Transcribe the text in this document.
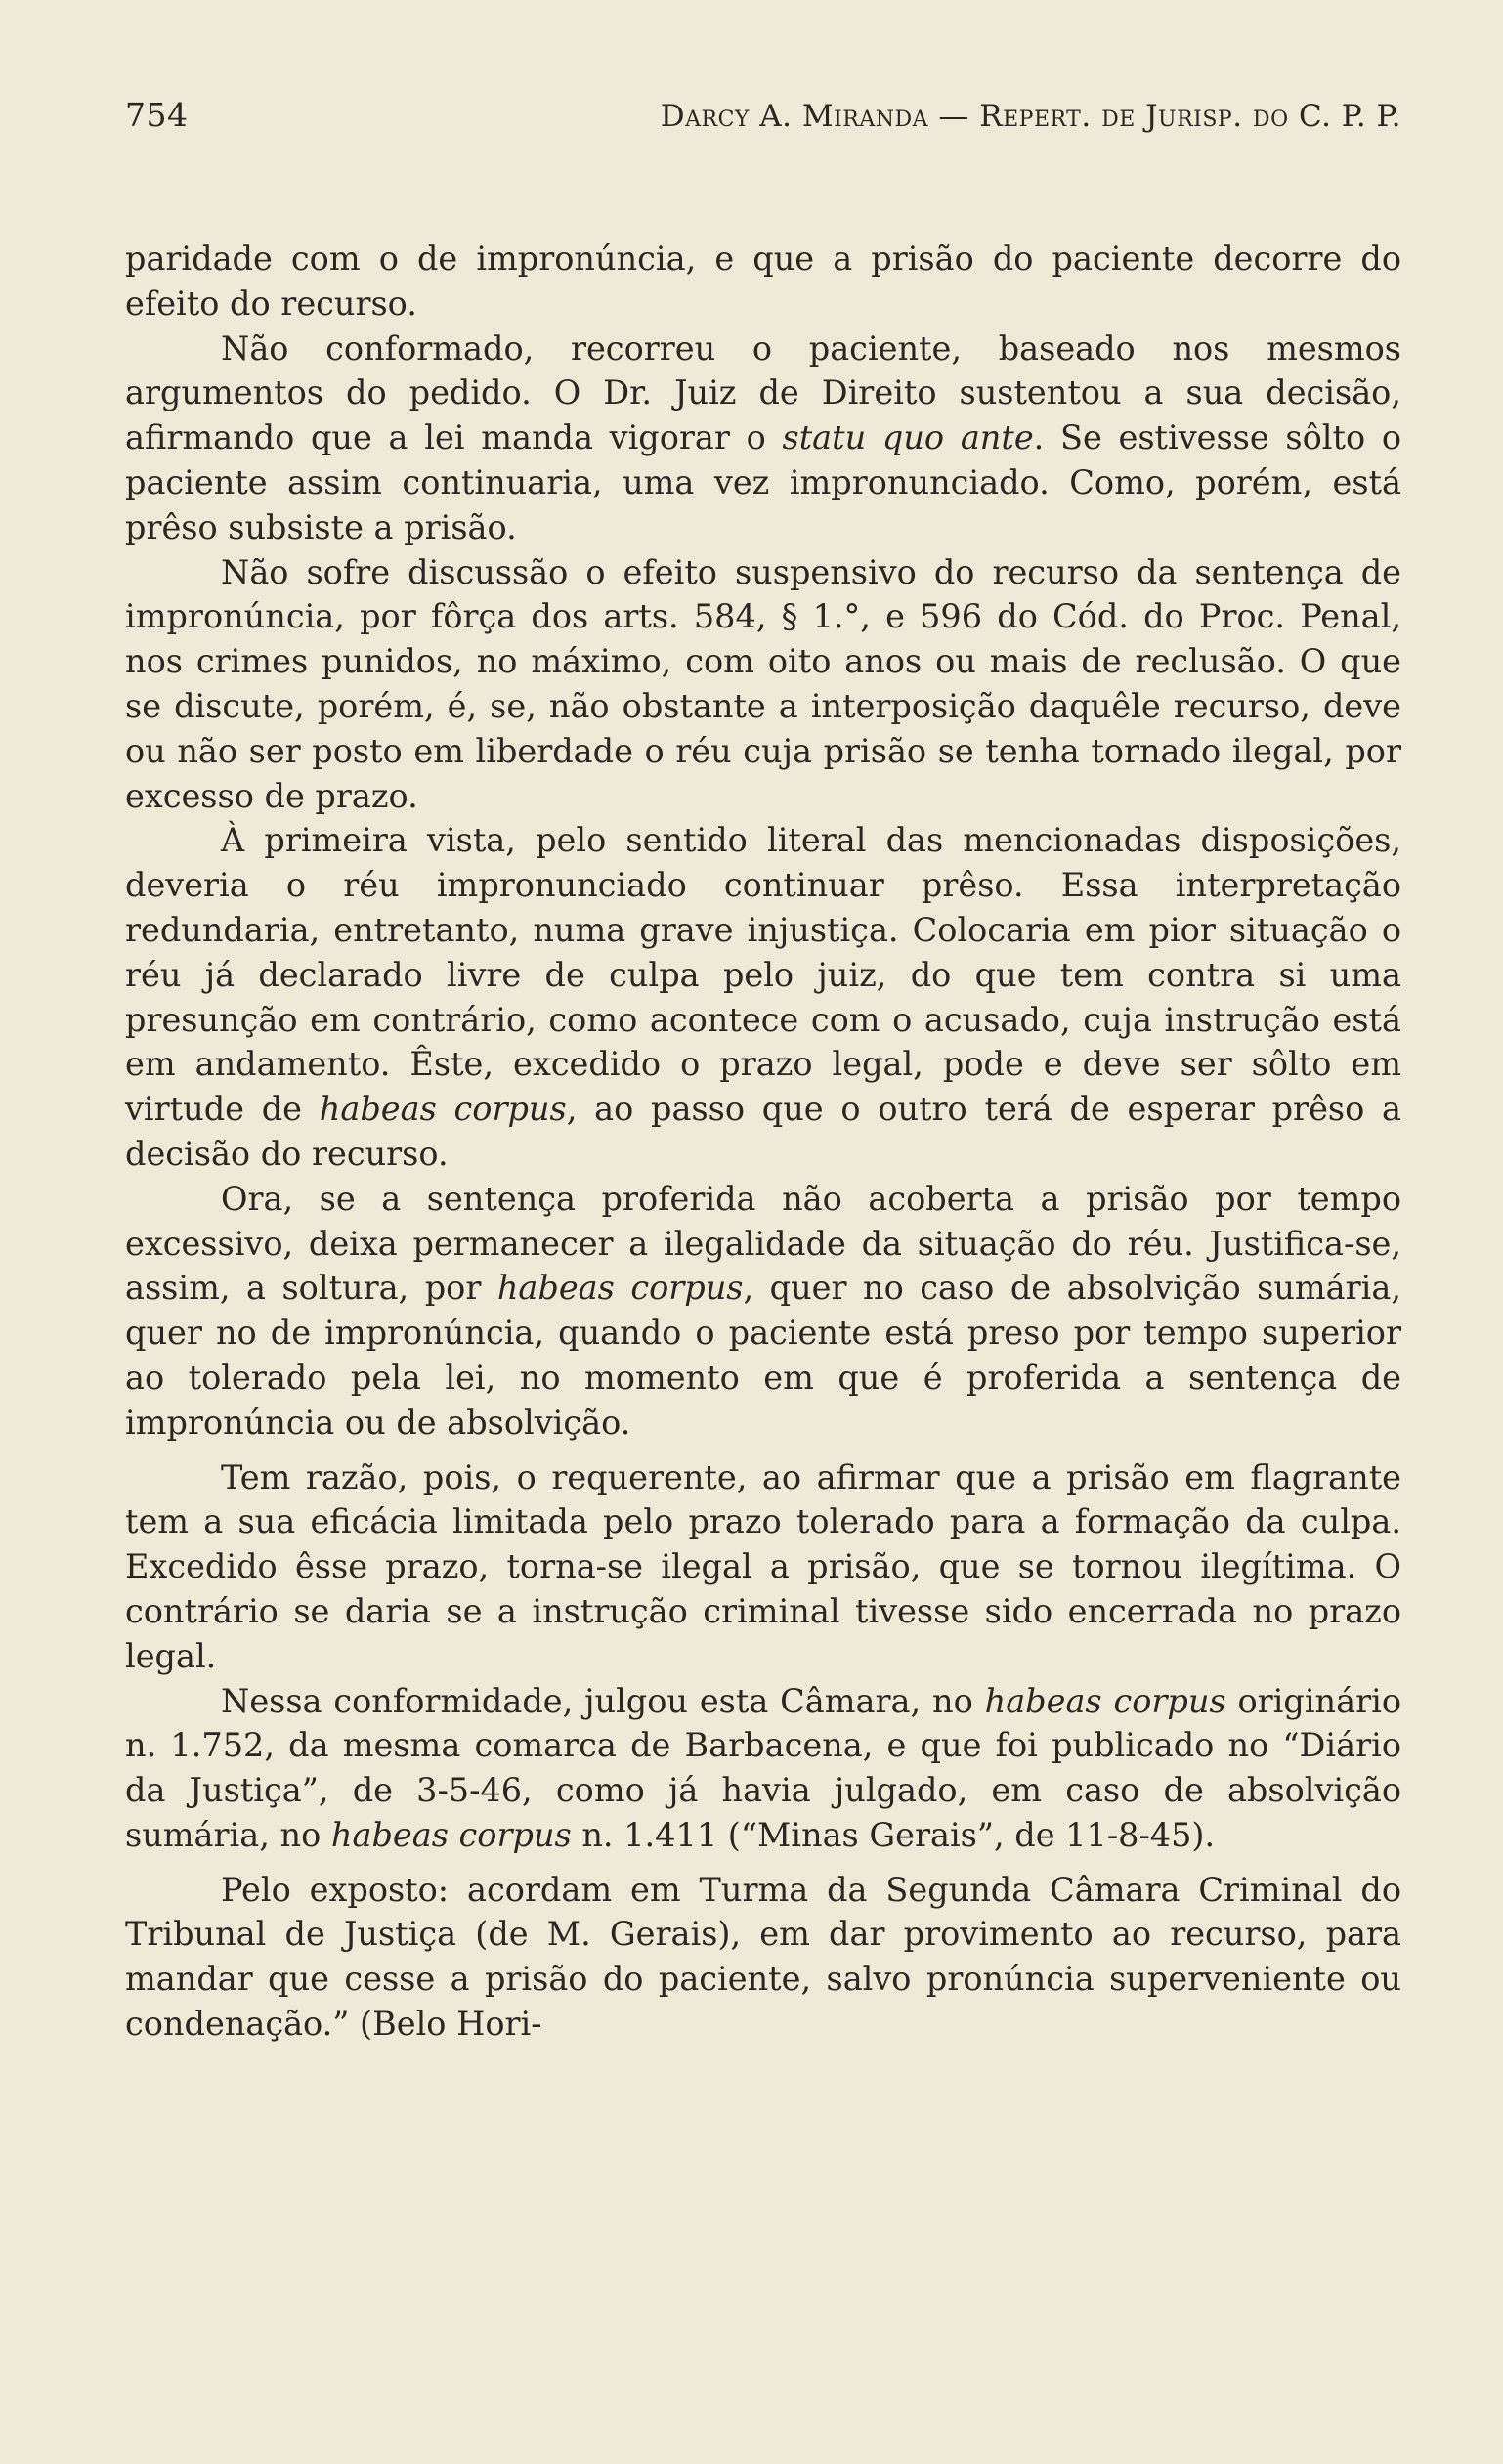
754	Darcy A. Miranda — Repert. de Jurisp. do C. P. P.

paridade com o de impronúncia, e que a prisão do paciente decorre do efeito do recurso.

Não conformado, recorreu o paciente, baseado nos mesmos argumentos do pedido. O Dr. Juiz de Direito sustentou a sua decisão, afirmando que a lei manda vigorar o statu quo ante. Se estivesse sôlto o paciente assim continuaria, uma vez impronunciado. Como, porém, está prêso subsiste a prisão.

Não sofre discussão o efeito suspensivo do recurso da sentença de impronúncia, por fôrça dos arts. 584, § 1.°, e 596 do Cód. do Proc. Penal, nos crimes punidos, no máximo, com oito anos ou mais de reclusão. O que se discute, porém, é, se, não obstante a interposição daquêle recurso, deve ou não ser posto em liberdade o réu cuja prisão se tenha tornado ilegal, por excesso de prazo.

À primeira vista, pelo sentido literal das mencionadas disposições, deveria o réu impronunciado continuar prêso. Essa interpretação redundaria, entretanto, numa grave injustiça. Colocaria em pior situação o réu já declarado livre de culpa pelo juiz, do que tem contra si uma presunção em contrário, como acontece com o acusado, cuja instrução está em andamento. Êste, excedido o prazo legal, pode e deve ser sôlto em virtude de habeas corpus, ao passo que o outro terá de esperar prêso a decisão do recurso.

Ora, se a sentença proferida não acoberta a prisão por tempo excessivo, deixa permanecer a ilegalidade da situação do réu. Justifica-se, assim, a soltura, por habeas corpus, quer no caso de absolvição sumária, quer no de impronúncia, quando o paciente está preso por tempo superior ao tolerado pela lei, no momento em que é proferida a sentença de impronúncia ou de absolvição.

Tem razão, pois, o requerente, ao afirmar que a prisão em flagrante tem a sua eficácia limitada pelo prazo tolerado para a formação da culpa. Excedido êsse prazo, torna-se ilegal a prisão, que se tornou ilegítima. O contrário se daria se a instrução criminal tivesse sido encerrada no prazo legal.

Nessa conformidade, julgou esta Câmara, no habeas corpus originário n. 1.752, da mesma comarca de Barbacena, e que foi publicado no “Diário da Justiça”, de 3-5-46, como já havia julgado, em caso de absolvição sumária, no habeas corpus n. 1.411 (“Minas Gerais”, de 11-8-45).

Pelo exposto: acordam em Turma da Segunda Câmara Criminal do Tribunal de Justiça (de M. Gerais), em dar provimento ao recurso, para mandar que cesse a prisão do paciente, salvo pronúncia superveniente ou condenação.” (Belo Hori-
